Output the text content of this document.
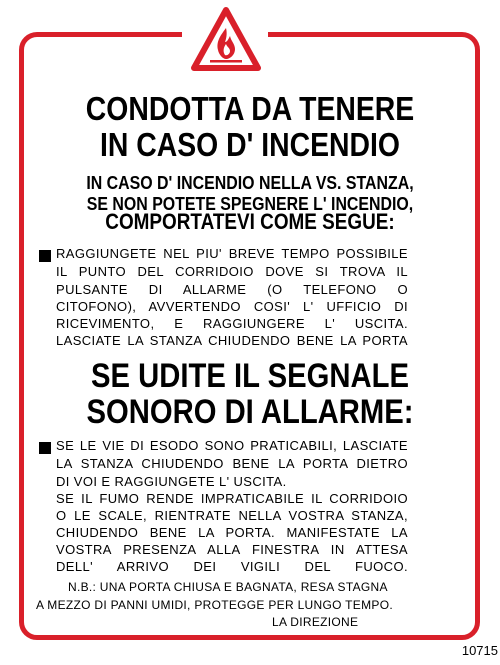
CONDOTTA DA TENERE
IN CASO D' INCENDIO
IN CASO D' INCENDIO NELLA VS. STANZA,
SE NON POTETE SPEGNERE L' INCENDIO,
COMPORTATEVI COME SEGUE:
RAGGIUNGETE NEL PIU' BREVE TEMPO POSSIBILE
IL PUNTO DEL CORRIDOIO DOVE SI TROVA IL
PULSANTE DI ALLARME (O TELEFONO O
CITOFONO), AVVERTENDO COSI' L' UFFICIO DI
RICEVIMENTO, E RAGGIUNGERE L' USCITA.
LASCIATE LA STANZA CHIUDENDO BENE LA PORTA
SE UDITE IL SEGNALE
SONORO DI ALLARME:
SE LE VIE DI ESODO SONO PRATICABILI, LASCIATE
LA STANZA CHIUDENDO BENE LA PORTA DIETRO
DI VOI E RAGGIUNGETE L' USCITA.
SE IL FUMO RENDE IMPRATICABILE IL CORRIDOIO
O LE SCALE, RIENTRATE NELLA VOSTRA STANZA,
CHIUDENDO BENE LA PORTA. MANIFESTATE LA
VOSTRA PRESENZA ALLA FINESTRA IN ATTESA
DELL' ARRIVO DEI VIGILI DEL FUOCO.
N.B.: UNA PORTA CHIUSA E BAGNATA, RESA STAGNA
A MEZZO DI PANNI UMIDI, PROTEGGE PER LUNGO TEMPO.
LA DIREZIONE
10715
